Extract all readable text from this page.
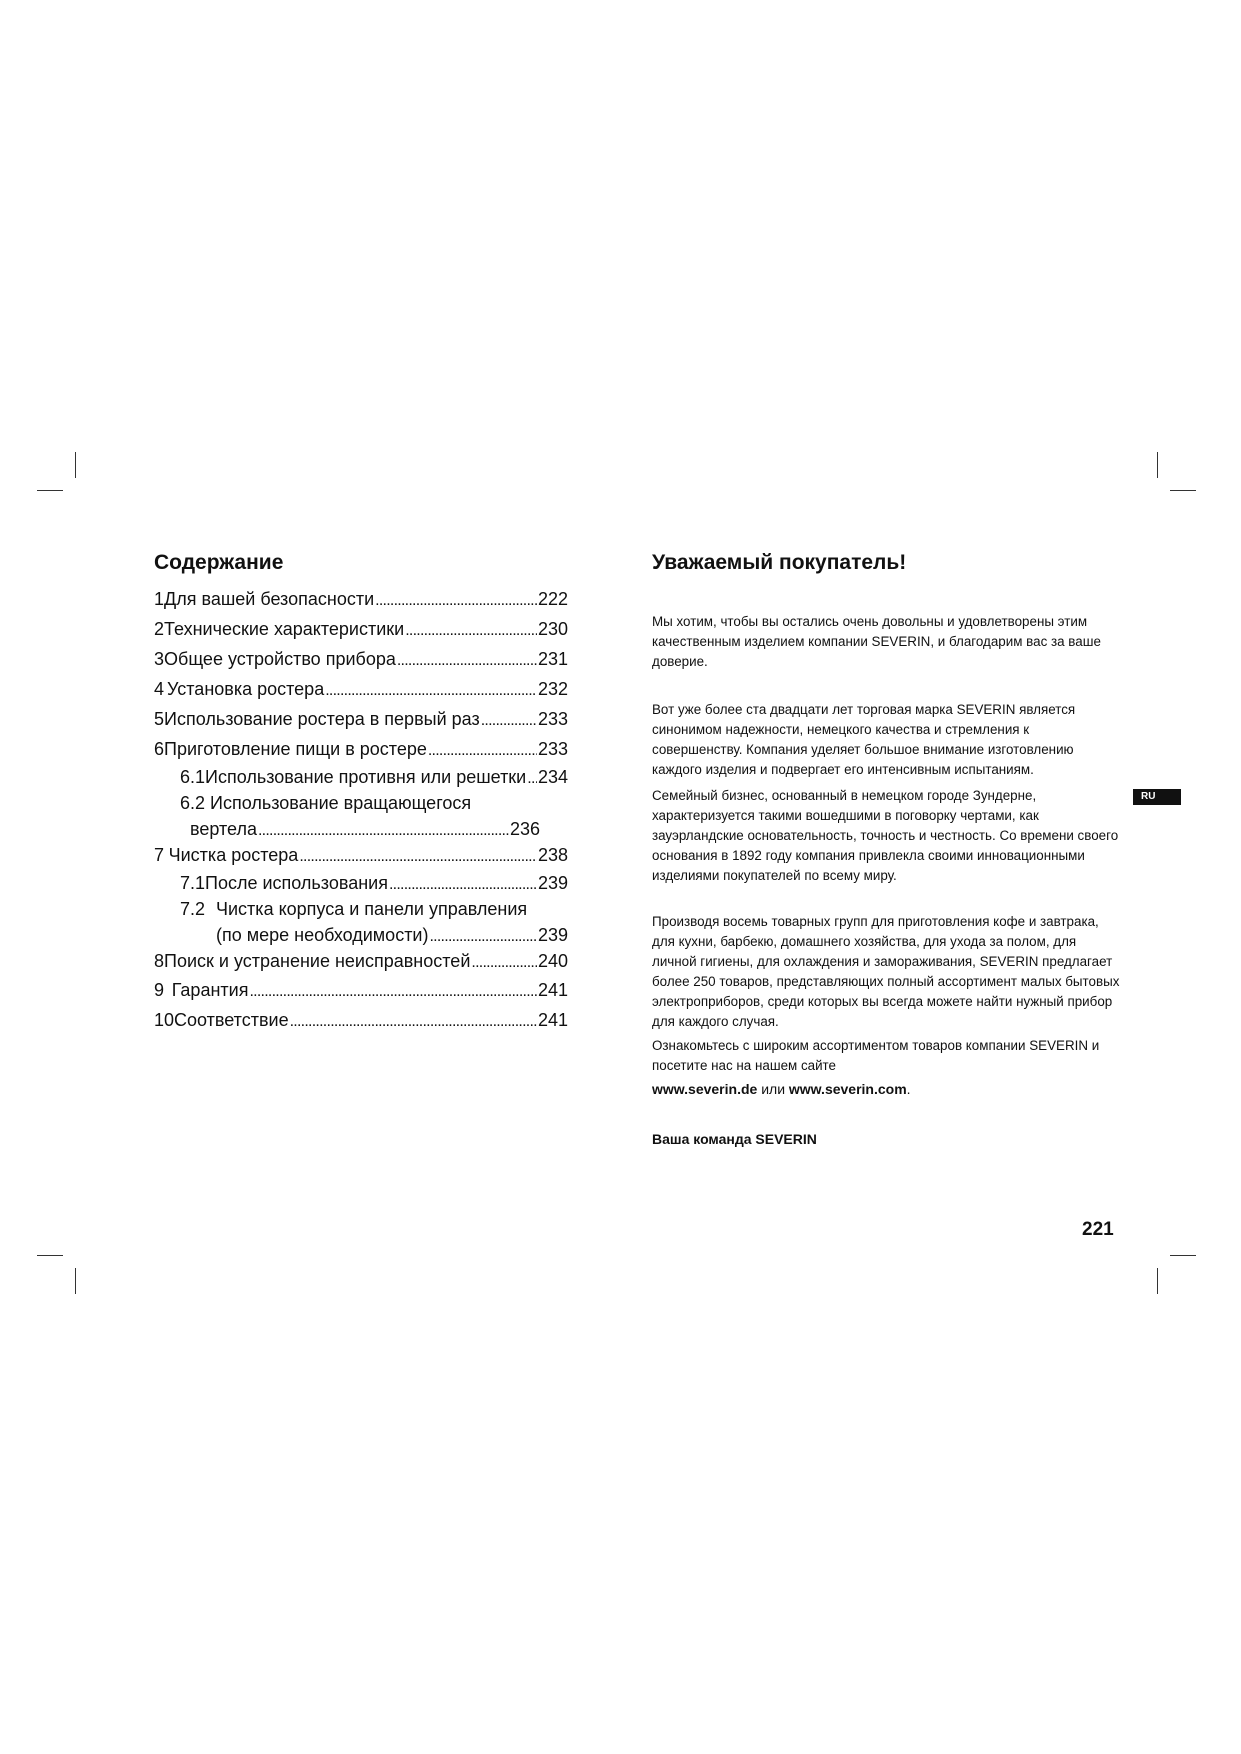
Содержание
1 Для вашей безопасности . . .	222
2 Технические характеристики . . .	230
3 Общее устройство прибора . . .	231
4 Установка ростера . . .	232
5 Использование ростера в первый раз . . .	233
6 Приготовление пищи в ростере . . .	233
6.1 Использование противня или решетки . . . 234
6.2 Использование вращающегося
вертела . . .	236
7 Чистка ростера . . .	238
7.1 После использования . . .	239
7.2 Чистка корпуса и панели управления
(по мере необходимости) . . .	239
8 Поиск и устранение неисправностей . . .	240
9 Гарантия . . .	241
10 Соответствие . . .	241
Уважаемый покупатель!

Мы хотим, чтобы вы остались очень довольны и удовлетворены этим качественным изделием компании SEVERIN, и благодарим вас за ваше доверие.

Вот уже более ста двадцати лет торговая марка SEVERIN является синонимом надежности, немецкого качества и стремления к совершенству. Компания уделяет большое внимание изготовлению каждого изделия и подвергает его интенсивным испытаниям.

Семейный бизнес, основанный в немецком городе Зундерне, характеризуется такими вошедшими в поговорку чертами, как зауэрландские основательность, точность и честность. Со времени своего основания в 1892 году компания привлекла своими инновационными изделиями покупателей по всему миру.

Производя восемь товарных групп для приготовления кофе и завтрака, для кухни, барбекю, домашнего хозяйства, для ухода за полом, для личной гигиены, для охлаждения и замораживания, SEVERIN предлагает более 250 товаров, представляющих полный ассортимент малых бытовых электроприборов, среди которых вы всегда можете найти нужный прибор для каждого случая.

Ознакомьтесь с широким ассортиментом товаров компании SEVERIN и посетите нас на нашем сайте

www.severin.de или www.severin.com.
Ваша команда SEVERIN
RU
221
